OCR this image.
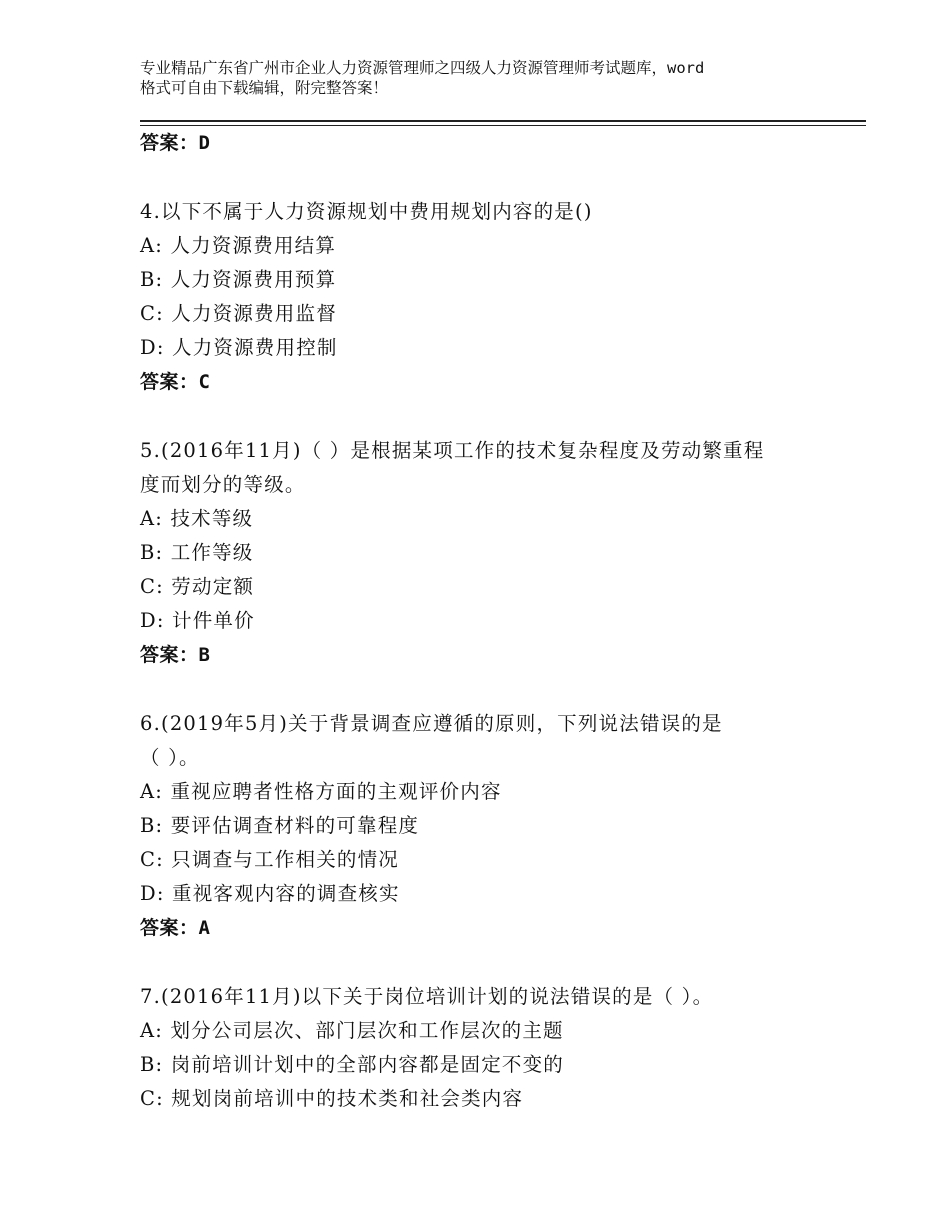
专业精品广东省广州市企业人力资源管理师之四级人力资源管理师考试题库，word
格式可自由下载编辑，附完整答案！
答案：D
4.以下不属于人力资源规划中费用规划内容的是()
A: 人力资源费用结算
B: 人力资源费用预算
C: 人力资源费用监督
D: 人力资源费用控制
答案：C
5.(2016年11月)（ ）是根据某项工作的技术复杂程度及劳动繁重程
度而划分的等级。
A: 技术等级
B: 工作等级
C: 劳动定额
D: 计件单价
答案：B
6.(2019年5月)关于背景调查应遵循的原则，下列说法错误的是
（ ）。
A: 重视应聘者性格方面的主观评价内容
B: 要评估调查材料的可靠程度
C: 只调查与工作相关的情况
D: 重视客观内容的调查核实
答案：A
7.(2016年11月)以下关于岗位培训计划的说法错误的是（ ）。
A: 划分公司层次、部门层次和工作层次的主题
B: 岗前培训计划中的全部内容都是固定不变的
C: 规划岗前培训中的技术类和社会类内容
